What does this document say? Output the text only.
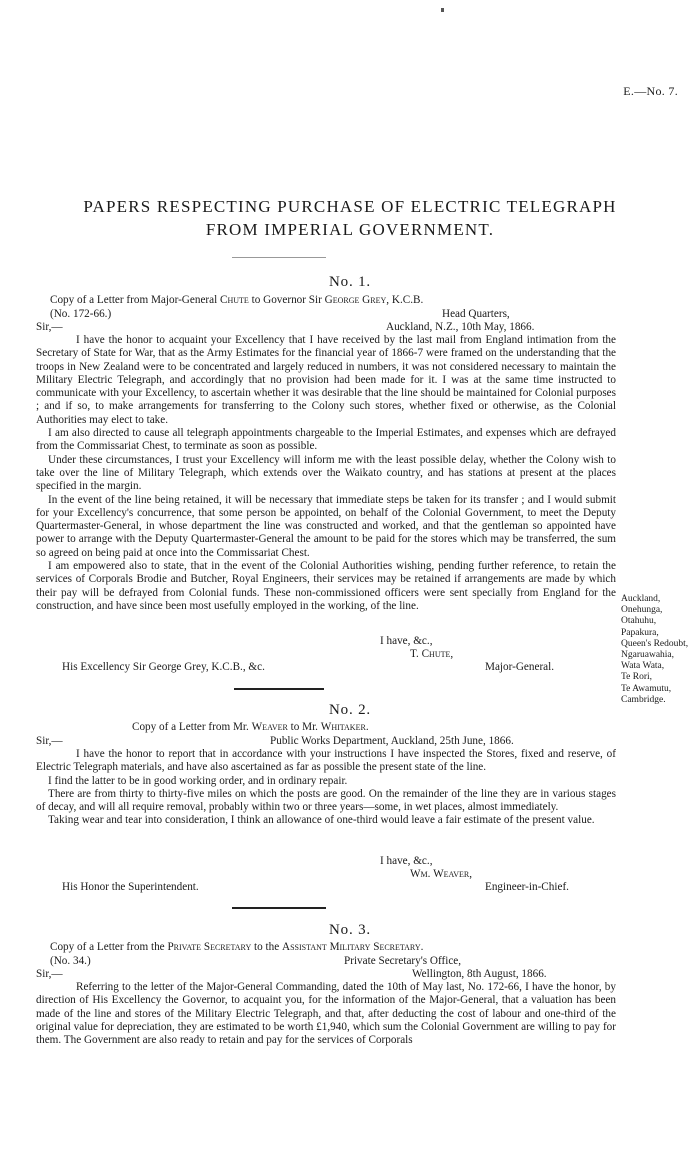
E.—No. 7.
PAPERS RESPECTING PURCHASE OF ELECTRIC TELEGRAPH
FROM IMPERIAL GOVERNMENT.
No. 1.
Copy of a Letter from Major-General Chute to Governor Sir George Grey, K.C.B.
(No. 172-66.)	Head Quarters,
Sir,—	Auckland, N.Z., 10th May, 1866.

I have the honor to acquaint your Excellency that I have received by the last mail from England intimation from the Secretary of State for War, that as the Army Estimates for the financial year of 1866-7 were framed on the understanding that the troops in New Zealand were to be concentrated and largely reduced in numbers, it was not considered necessary to maintain the Military Electric Telegraph, and accordingly that no provision had been made for it. I was at the same time instructed to communicate with your Excellency, to ascertain whether it was desirable that the line should be maintained for Colonial purposes ; and if so, to make arrangements for transferring to the Colony such stores, whether fixed or otherwise, as the Colonial Authorities may elect to take.

I am also directed to cause all telegraph appointments chargeable to the Imperial Estimates, and expenses which are defrayed from the Commissariat Chest, to terminate as soon as possible.

Under these circumstances, I trust your Excellency will inform me with the least possible delay, whether the Colony wish to take over the line of Military Telegraph, which extends over the Waikato country, and has stations at present at the places specified in the margin.

In the event of the line being retained, it will be necessary that immediate steps be taken for its transfer ; and I would submit for your Excellency's concurrence, that some person be appointed, on behalf of the Colonial Government, to meet the Deputy Quartermaster-General, in whose department the line was constructed and worked, and that the gentleman so appointed have power to arrange with the Deputy Quartermaster-General the amount to be paid for the stores which may be transferred, the sum so agreed on being paid at once into the Commissariat Chest.

I am empowered also to state, that in the event of the Colonial Authorities wishing, pending further reference, to retain the services of Corporals Brodie and Butcher, Royal Engineers, their services may be retained if arrangements are made by which their pay will be defrayed from Colonial funds. These non-commissioned officers were sent specially from England for the construction, and have since been most usefully employed in the working, of the line.

Auckland,
Onehunga,
Otahuhu,
Papakura,
Queen's Redoubt,
Ngaruawahia,
Wata Wata,
Te Rori,
Te Awamutu,
Cambridge.
I have, &c.,
T. Chute,
His Excellency Sir George Grey, K.C.B., &c.	Major-General.
No. 2.
Copy of a Letter from Mr. Weaver to Mr. Whitaker.
Sir,—	Public Works Department, Auckland, 25th June, 1866.

I have the honor to report that in accordance with your instructions I have inspected the Stores, fixed and reserve, of Electric Telegraph materials, and have also ascertained as far as possible the present state of the line.

I find the latter to be in good working order, and in ordinary repair.

There are from thirty to thirty-five miles on which the posts are good. On the remainder of the line they are in various stages of decay, and will all require removal, probably within two or three years—some, in wet places, almost immediately.

Taking wear and tear into consideration, I think an allowance of one-third would leave a fair estimate of the present value.

I have, &c.,
Wm. Weaver,
His Honor the Superintendent.	Engineer-in-Chief.
No. 3.
Copy of a Letter from the Private Secretary to the Assistant Military Secretary.
(No. 34.)	Private Secretary's Office,
Sir,—	Wellington, 8th August, 1866.

Referring to the letter of the Major-General Commanding, dated the 10th of May last, No. 172-66, I have the honor, by direction of His Excellency the Governor, to acquaint you, for the information of the Major-General, that a valuation has been made of the line and stores of the Military Electric Telegraph, and that, after deducting the cost of labour and one-third of the original value for depreciation, they are estimated to be worth £1,940, which sum the Colonial Government are willing to pay for them. The Government are also ready to retain and pay for the services of Corporals
